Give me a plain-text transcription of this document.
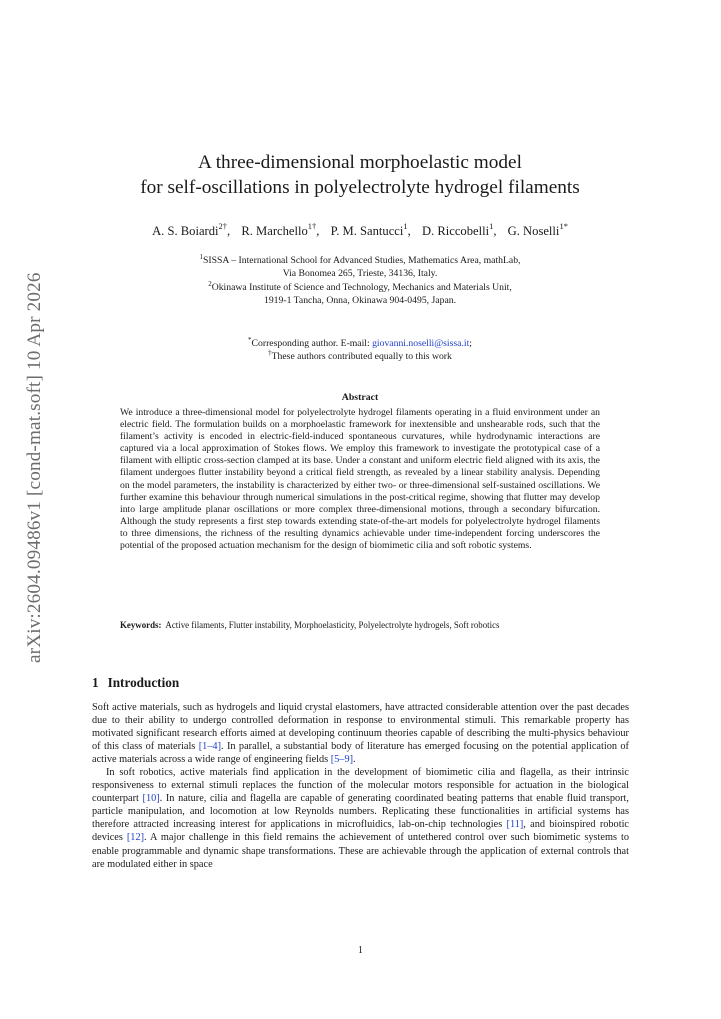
arXiv:2604.09486v1 [cond-mat.soft] 10 Apr 2026
A three-dimensional morphoelastic model
for self-oscillations in polyelectrolyte hydrogel filaments
A. S. Boiardi$^{2\dagger}$, R. Marchello$^{1\dagger}$, P. M. Santucci$^1$, D. Riccobelli$^1$, G. Noselli$^{1*}$
$^1$SISSA – International School for Advanced Studies, Mathematics Area, mathLab,
Via Bonomea 265, Trieste, 34136, Italy.
$^2$Okinawa Institute of Science and Technology, Mechanics and Materials Unit,
1919-1 Tancha, Onna, Okinawa 904-0495, Japan.
*Corresponding author. E-mail: giovanni.noselli@sissa.it;
†These authors contributed equally to this work
Abstract
We introduce a three-dimensional model for polyelectrolyte hydrogel filaments operating in a fluid environment under an electric field. The formulation builds on a morphoelastic framework for inextensible and unshearable rods, such that the filament’s activity is encoded in electric-field-induced spontaneous curvatures, while hydrodynamic interactions are captured via a local approximation of Stokes flows. We employ this framework to investigate the prototypical case of a filament with elliptic cross-section clamped at its base. Under a constant and uniform electric field aligned with its axis, the filament undergoes flutter instability beyond a critical field strength, as revealed by a linear stability analysis. Depending on the model parameters, the instability is characterized by either two- or three-dimensional self-sustained oscillations. We further examine this behaviour through numerical simulations in the post-critical regime, showing that flutter may develop into large amplitude planar oscillations or more complex three-dimensional motions, through a secondary bifurcation. Although the study represents a first step towards extending state-of-the-art models for polyelectrolyte hydrogel filaments to three dimensions, the richness of the resulting dynamics achievable under time-independent forcing underscores the potential of the proposed actuation mechanism for the design of biomimetic cilia and soft robotic systems.
Keywords: Active filaments, Flutter instability, Morphoelasticity, Polyelectrolyte hydrogels, Soft robotics
1 Introduction

Soft active materials, such as hydrogels and liquid crystal elastomers, have attracted considerable attention over the past decades due to their ability to undergo controlled deformation in response to environmental stimuli. This remarkable property has motivated significant research efforts aimed at developing continuum theories capable of describing the multi-physics behaviour of this class of materials [1–4]. In parallel, a substantial body of literature has emerged focusing on the potential application of active materials across a wide range of engineering fields [5–9].

In soft robotics, active materials find application in the development of biomimetic cilia and flagella, as their intrinsic responsiveness to external stimuli replaces the function of the molecular motors responsible for actuation in the biological counterpart [10]. In nature, cilia and flagella are capable of generating coordinated beating patterns that enable fluid transport, particle manipulation, and locomotion at low Reynolds numbers. Replicating these functionalities in artificial systems has therefore attracted increasing interest for applications in microfluidics, lab-on-chip technologies [11], and bioinspired robotic devices [12]. A major challenge in this field remains the achievement of untethered control over such biomimetic systems to enable programmable and dynamic shape transformations. These are achievable through the application of external controls that are modulated either in space

1
